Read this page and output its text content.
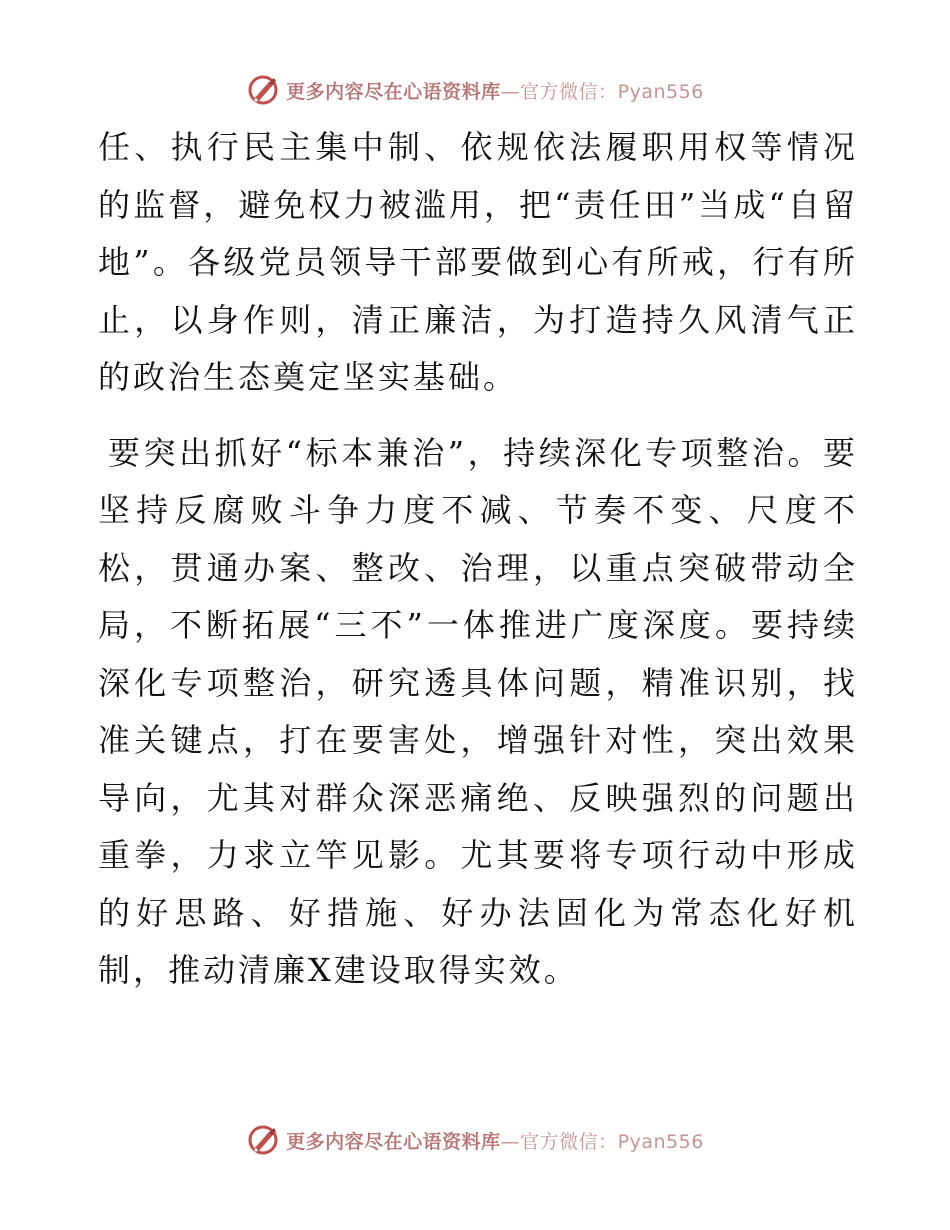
更多内容尽在心语资料库—官方微信：Pyan556

任、执行民主集中制、依规依法履职用权等情况的监督，避免权力被滥用，把“责任田”当成“自留地”。各级党员领导干部要做到心有所戒，行有所止，以身作则，清正廉洁，为打造持久风清气正的政治生态奠定坚实基础。

要突出抓好“标本兼治”，持续深化专项整治。要坚持反腐败斗争力度不减、节奏不变、尺度不松，贯通办案、整改、治理，以重点突破带动全局，不断拓展“三不”一体推进广度深度。要持续深化专项整治，研究透具体问题，精准识别，找准关键点，打在要害处，增强针对性，突出效果导向，尤其对群众深恶痛绝、反映强烈的问题出重拳，力求立竿见影。尤其要将专项行动中形成的好思路、好措施、好办法固化为常态化好机制，推动清廉X建设取得实效。

更多内容尽在心语资料库—官方微信：Pyan556
